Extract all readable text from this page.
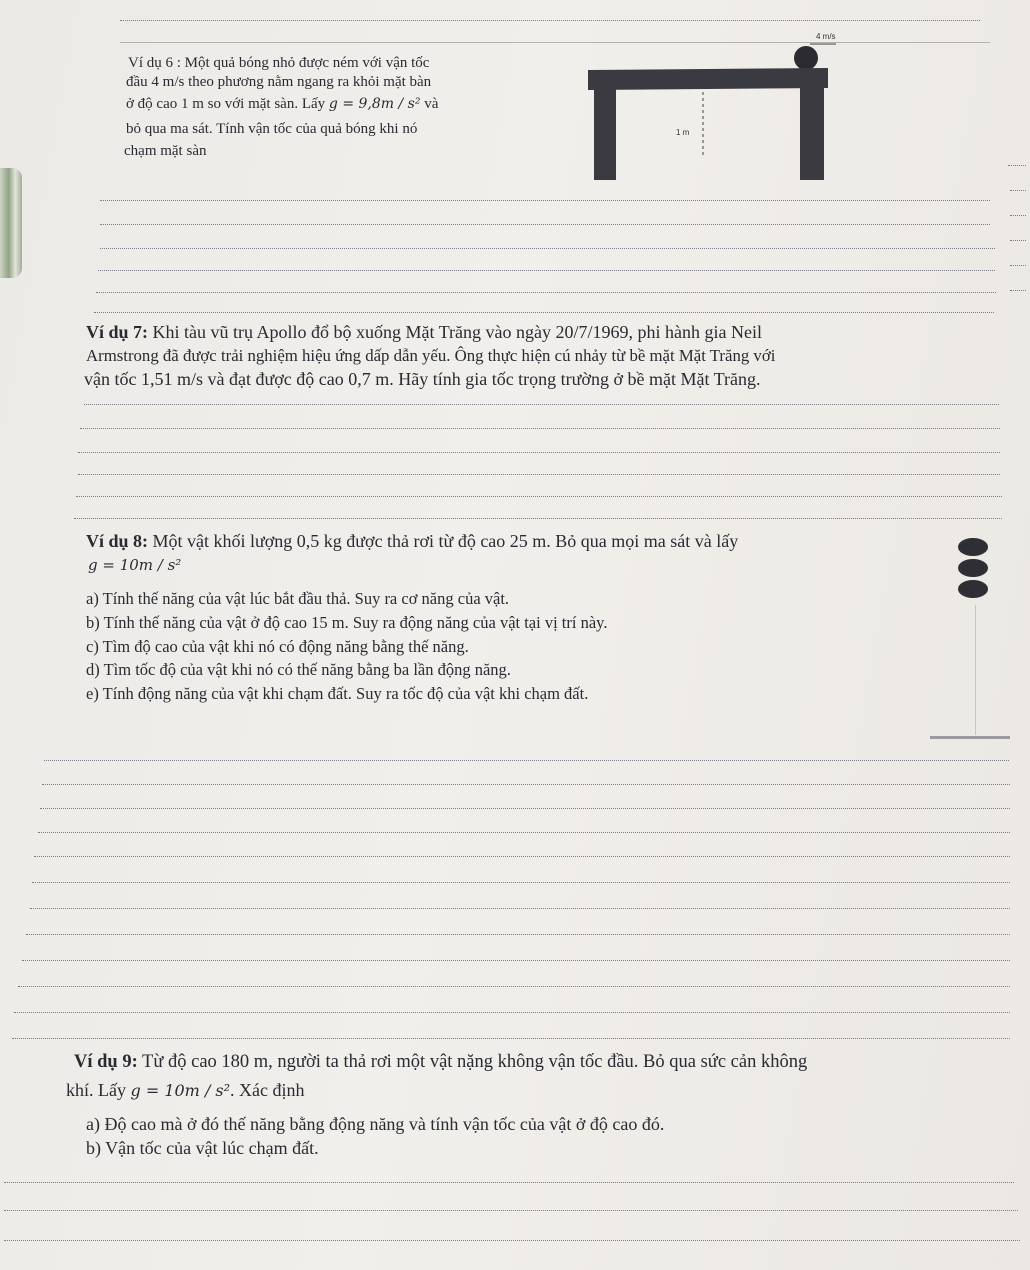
Ví dụ 6 : Một quả bóng nhỏ được ném với vận tốc
đầu 4 m/s theo phương nằm ngang ra khỏi mặt bàn
ở độ cao 1 m so với mặt sàn. Lấy g = 9,8m / s² và
bỏ qua ma sát. Tính vận tốc của quả bóng khi nó
chạm mặt sàn
4 m/s
1 m
Ví dụ 7: Khi tàu vũ trụ Apollo đổ bộ xuống Mặt Trăng vào ngày 20/7/1969, phi hành gia Neil
Armstrong đã được trải nghiệm hiệu ứng dấp dẫn yếu. Ông thực hiện cú nhảy từ bề mặt Mặt Trăng với
vận tốc 1,51 m/s và đạt được độ cao 0,7 m. Hãy tính gia tốc trọng trường ở bề mặt Mặt Trăng.
Ví dụ 8: Một vật khối lượng 0,5 kg được thả rơi từ độ cao 25 m. Bỏ qua mọi ma sát và lấy
g = 10m / s²
a) Tính thế năng của vật lúc bắt đầu thả. Suy ra cơ năng của vật.
b) Tính thế năng của vật ở độ cao 15 m. Suy ra động năng của vật tại vị trí này.
c) Tìm độ cao của vật khi nó có động năng bằng thế năng.
d) Tìm tốc độ của vật khi nó có thế năng bằng ba lần động năng.
e) Tính động năng của vật khi chạm đất. Suy ra tốc độ của vật khi chạm đất.
Ví dụ 9: Từ độ cao 180 m, người ta thả rơi một vật nặng không vận tốc đầu. Bỏ qua sức cản không
khí. Lấy g = 10m / s². Xác định
a) Độ cao mà ở đó thế năng bằng động năng và tính vận tốc của vật ở độ cao đó.
b) Vận tốc của vật lúc chạm đất.
